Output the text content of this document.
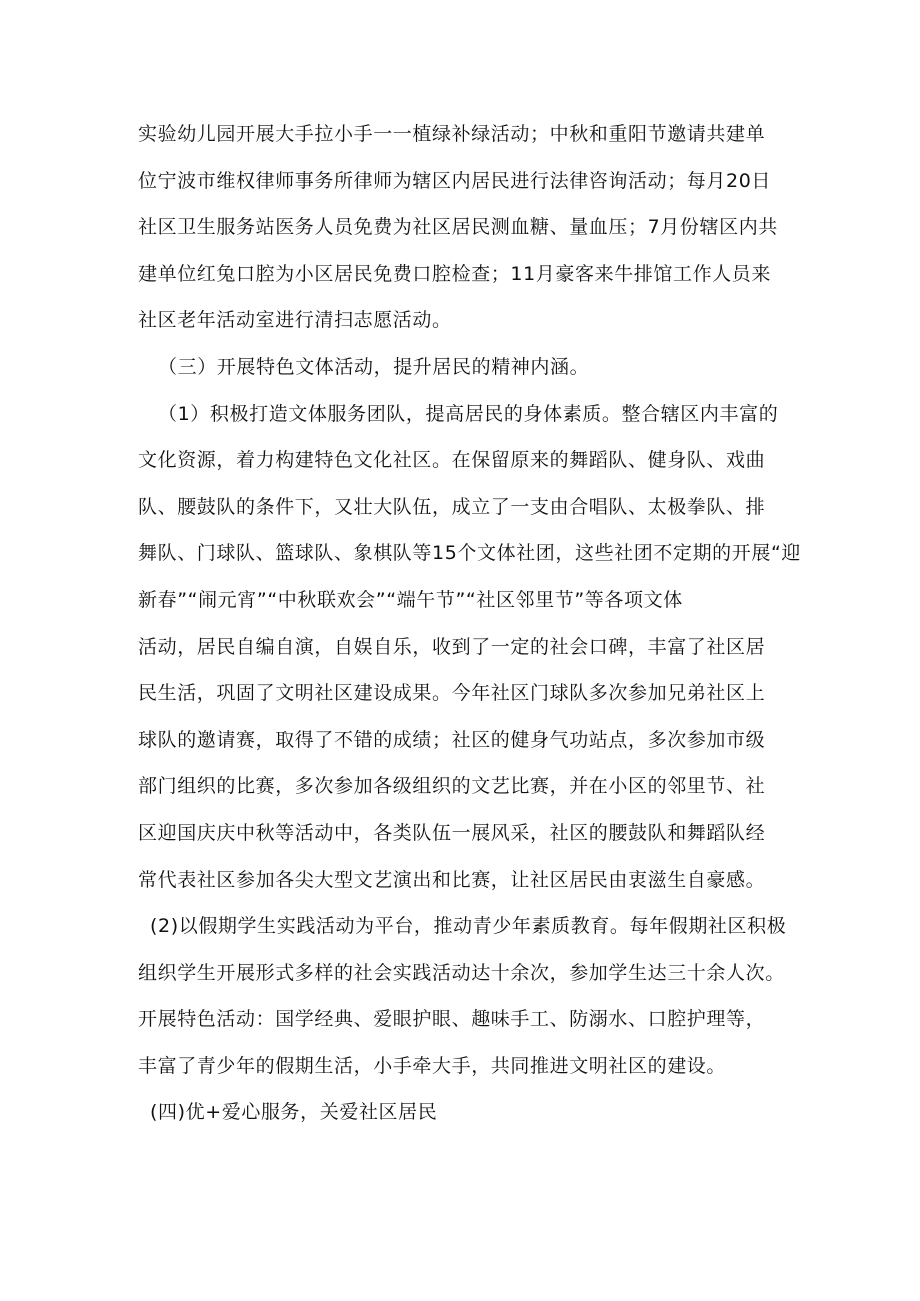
实验幼儿园开展大手拉小手一一植绿补绿活动；中秋和重阳节邀请共建单
位宁波市维权律师事务所律师为辖区内居民进行法律咨询活动；每月20日
社区卫生服务站医务人员免费为社区居民测血糖、量血压；7月份辖区内共
建单位红兔口腔为小区居民免费口腔检查；11月豪客来牛排馆工作人员来
社区老年活动室进行清扫志愿活动。
（三）开展特色文体活动，提升居民的精神内涵。
（1）积极打造文体服务团队，提高居民的身体素质。整合辖区内丰富的
文化资源，着力构建特色文化社区。在保留原来的舞蹈队、健身队、戏曲
队、腰鼓队的条件下，又壮大队伍，成立了一支由合唱队、太极拳队、排
舞队、门球队、篮球队、象棋队等15个文体社团，这些社团不定期的开展“迎
新春”“闹元宵”“中秋联欢会”“端午节”“社区邻里节”等各项文体
活动，居民自编自演，自娱自乐，收到了一定的社会口碑，丰富了社区居
民生活，巩固了文明社区建设成果。今年社区门球队多次参加兄弟社区上
球队的邀请赛，取得了不错的成绩；社区的健身气功站点，多次参加市级
部门组织的比赛，多次参加各级组织的文艺比赛，并在小区的邻里节、社
区迎国庆庆中秋等活动中，各类队伍一展风采，社区的腰鼓队和舞蹈队经
常代表社区参加各尖大型文艺演出和比赛，让社区居民由衷滋生自豪感。
(2)以假期学生实践活动为平台，推动青少年素质教育。每年假期社区积极
组织学生开展形式多样的社会实践活动达十余次，参加学生达三十余人次。
开展特色活动：国学经典、爱眼护眼、趣味手工、防溺水、口腔护理等，
丰富了青少年的假期生活，小手牵大手，共同推进文明社区的建设。
(四)优+爱心服务，关爱社区居民
